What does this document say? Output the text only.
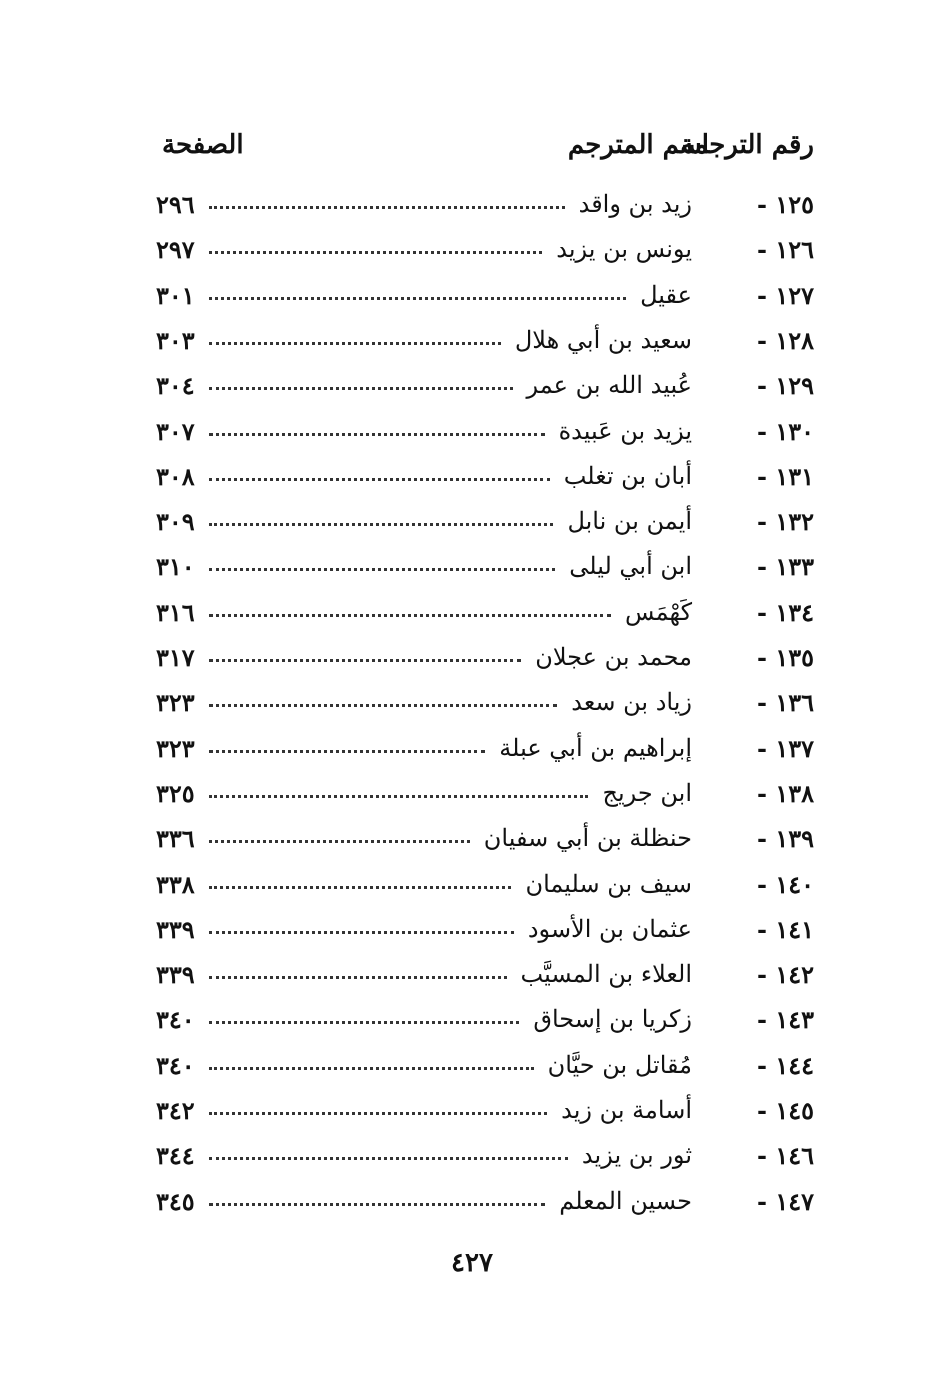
رقم الترجمة
اسم المترجم
الصفحة
١٢٥ -
زيد بن واقد
٢٩٦
١٢٦ -
يونس بن يزيد
٢٩٧
١٢٧ -
عقيل
٣٠١
١٢٨ -
سعيد بن أبي هلال
٣٠٣
١٢٩ -
عُبيد الله بن عمر
٣٠٤
١٣٠ -
يزيد بن عَبيدة
٣٠٧
١٣١ -
أبان بن تغلب
٣٠٨
١٣٢ -
أيمن بن نابل
٣٠٩
١٣٣ -
ابن أبي ليلى
٣١٠
١٣٤ -
كَهْمَس
٣١٦
١٣٥ -
محمد بن عجلان
٣١٧
١٣٦ -
زياد بن سعد
٣٢٣
١٣٧ -
إبراهيم بن أبي عبلة
٣٢٣
١٣٨ -
ابن جريج
٣٢٥
١٣٩ -
حنظلة بن أبي سفيان
٣٣٦
١٤٠ -
سيف بن سليمان
٣٣٨
١٤١ -
عثمان بن الأسود
٣٣٩
١٤٢ -
العلاء بن المسيَّب
٣٣٩
١٤٣ -
زكريا بن إسحاق
٣٤٠
١٤٤ -
مُقاتل بن حيَّان
٣٤٠
١٤٥ -
أسامة بن زيد
٣٤٢
١٤٦ -
ثور بن يزيد
٣٤٤
١٤٧ -
حسين المعلم
٣٤٥
٤٢٧
